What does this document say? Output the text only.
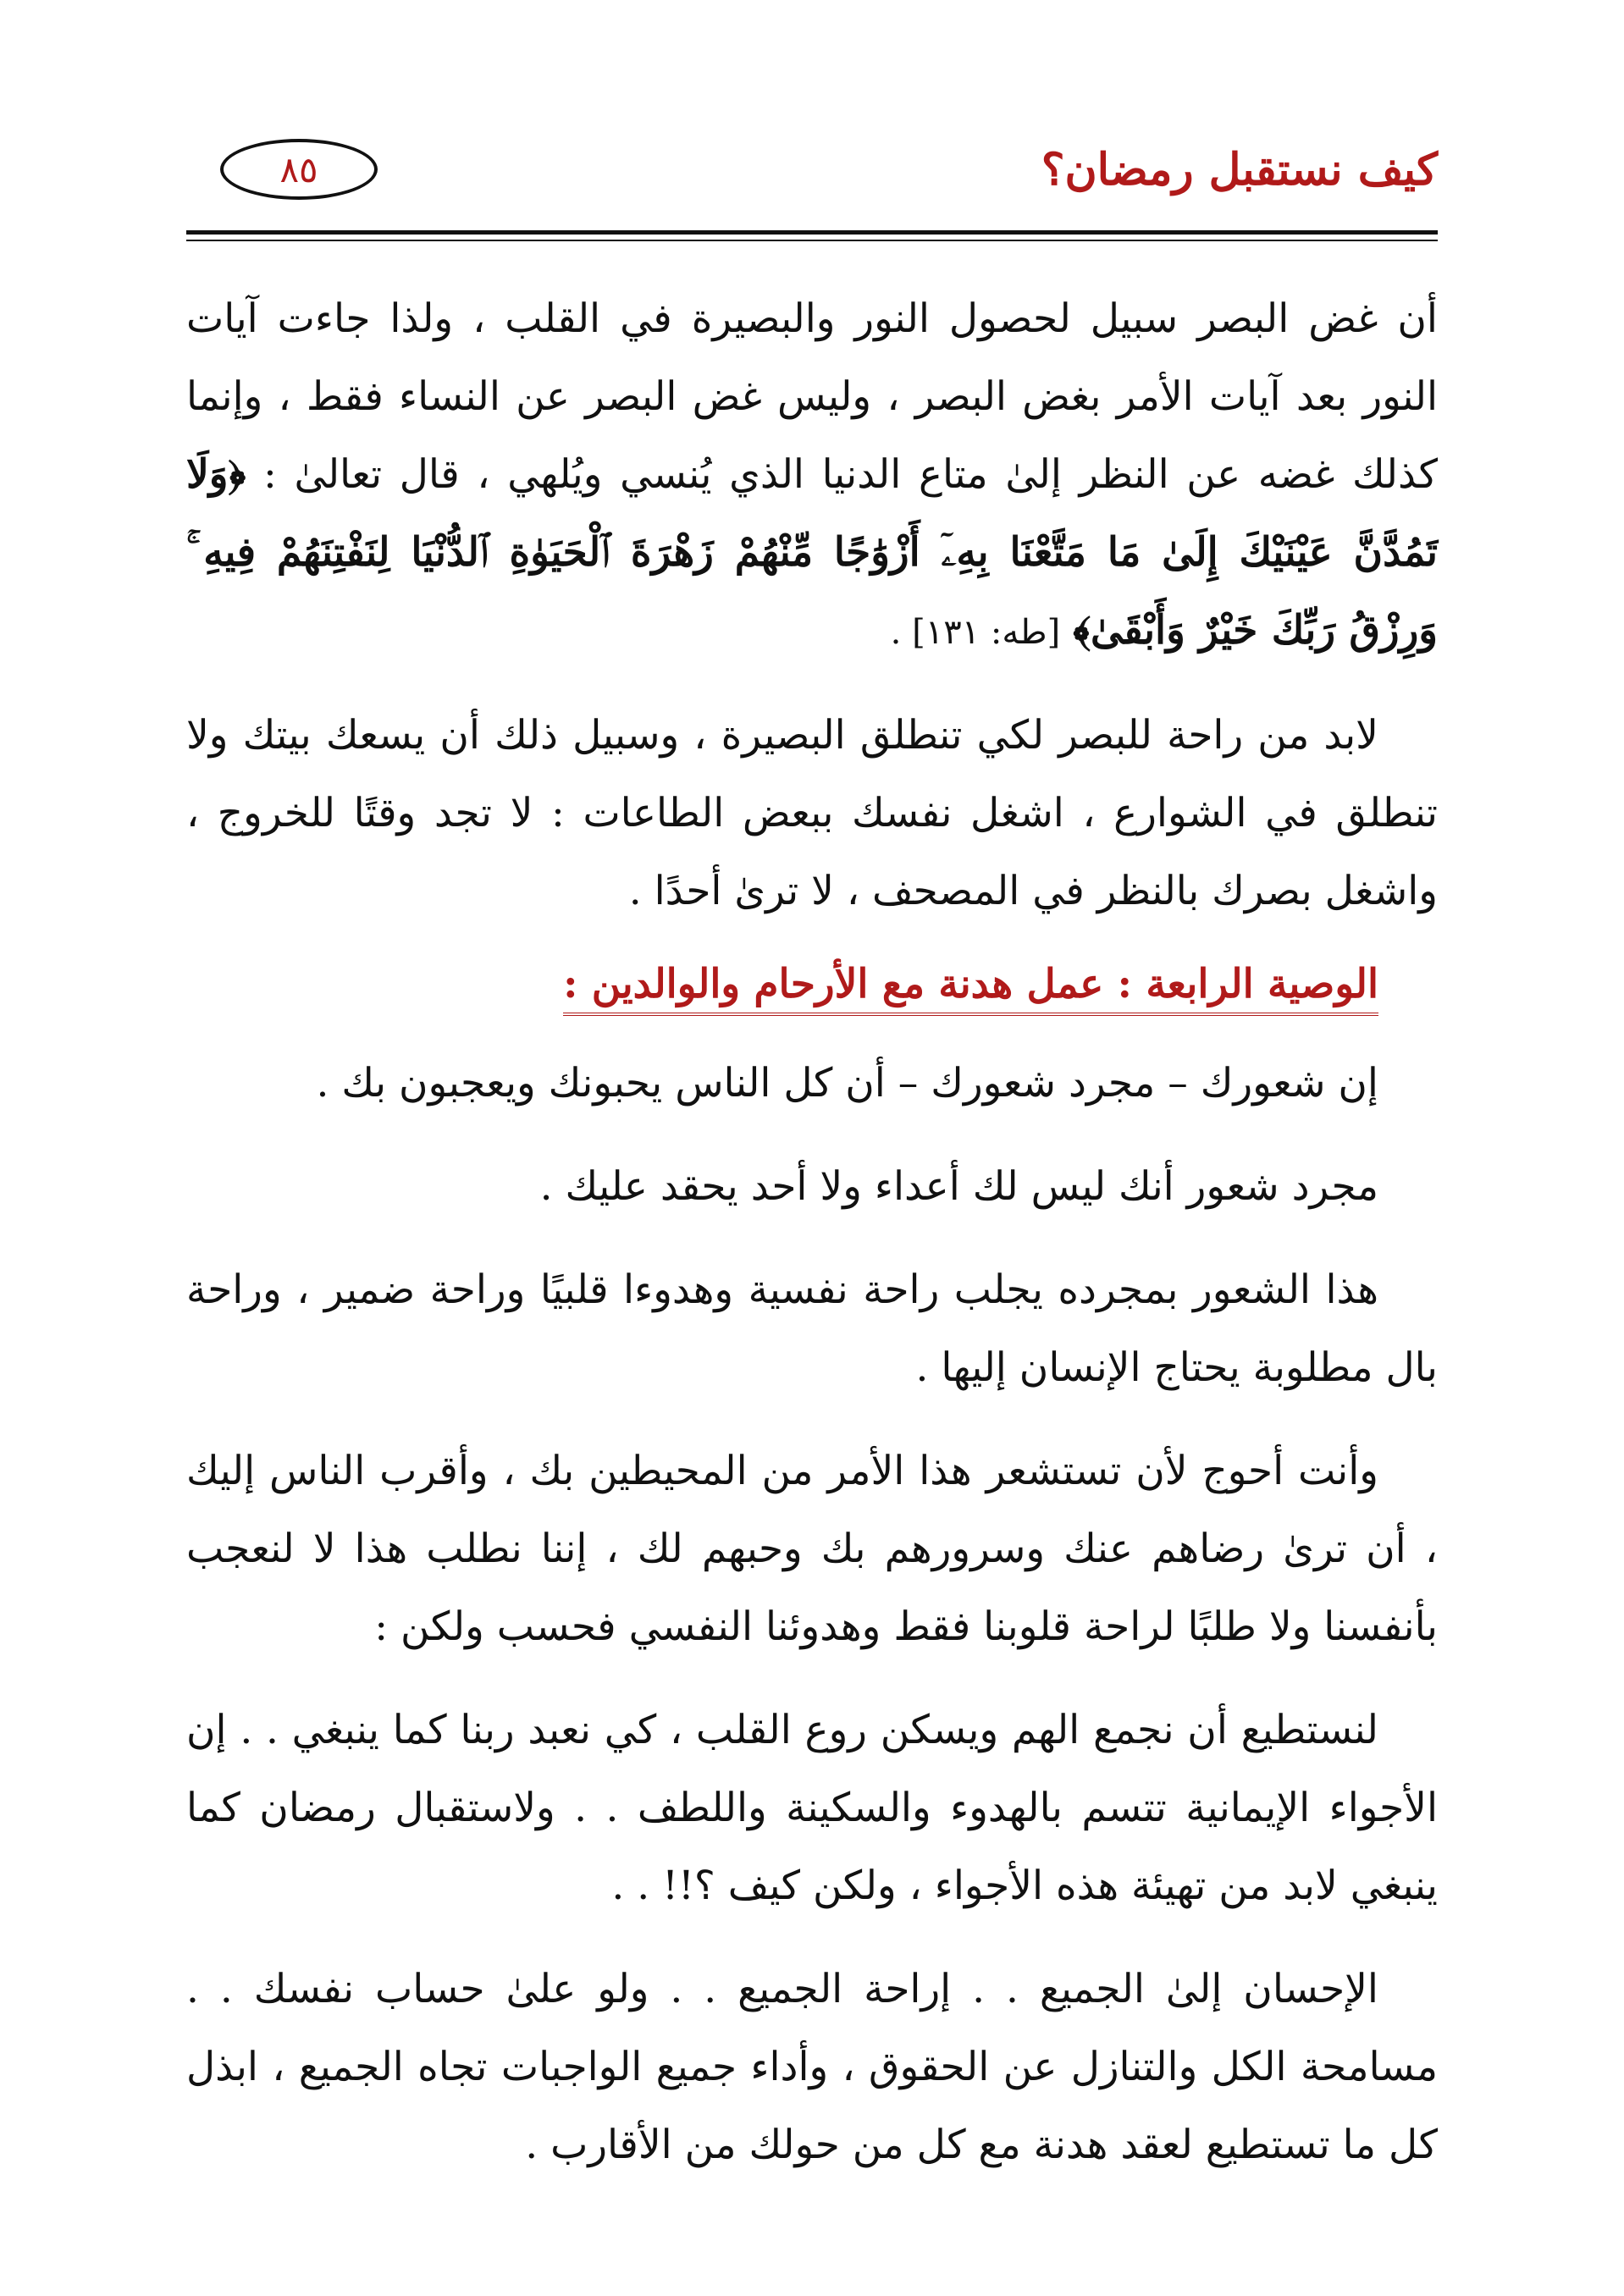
كيف نستقبل رمضان؟
٨٥

أن غض البصر سبيل لحصول النور والبصيرة في القلب ، ولذا جاءت آيات النور بعد آيات الأمر بغض البصر ، وليس غض البصر عن النساء فقط ، وإنما كذلك غضه عن النظر إلىٰ متاع الدنيا الذي يُنسي ويُلهي ، قال تعالىٰ : ﴿وَلَا تَمُدَّنَّ عَيْنَيْكَ إِلَىٰ مَا مَتَّعْنَا بِهِۦٓ أَزْوَٰجًا مِّنْهُمْ زَهْرَةَ ٱلْحَيَوٰةِ ٱلدُّنْيَا لِنَفْتِنَهُمْ فِيهِ ۚ وَرِزْقُ رَبِّكَ خَيْرٌ وَأَبْقَىٰ﴾ [طه: ١٣١] .

لابد من راحة للبصر لكي تنطلق البصيرة ، وسبيل ذلك أن يسعك بيتك ولا تنطلق في الشوارع ، اشغل نفسك ببعض الطاعات : لا تجد وقتًا للخروج ، واشغل بصرك بالنظر في المصحف ، لا ترىٰ أحدًا .

الوصية الرابعة : عمل هدنة مع الأرحام والوالدين :

إن شعورك – مجرد شعورك – أن كل الناس يحبونك ويعجبون بك .

مجرد شعور أنك ليس لك أعداء ولا أحد يحقد عليك .

هذا الشعور بمجرده يجلب راحة نفسية وهدوءا قلبيًا وراحة ضمير ، وراحة بال مطلوبة يحتاج الإنسان إليها .

وأنت أحوج لأن تستشعر هذا الأمر من المحيطين بك ، وأقرب الناس إليك ، أن ترىٰ رضاهم عنك وسرورهم بك وحبهم لك ، إننا نطلب هذا لا لنعجب بأنفسنا ولا طلبًا لراحة قلوبنا فقط وهدوئنا النفسي فحسب ولكن :

لنستطيع أن نجمع الهم ويسكن روع القلب ، كي نعبد ربنا كما ينبغي . . إن الأجواء الإيمانية تتسم بالهدوء والسكينة واللطف . . ولاستقبال رمضان كما ينبغي لابد من تهيئة هذه الأجواء ، ولكن كيف ؟!! . .

الإحسان إلىٰ الجميع . . إراحة الجميع . . ولو علىٰ حساب نفسك . . مسامحة الكل والتنازل عن الحقوق ، وأداء جميع الواجبات تجاه الجميع ، ابذل كل ما تستطيع لعقد هدنة مع كل من حولك من الأقارب .
